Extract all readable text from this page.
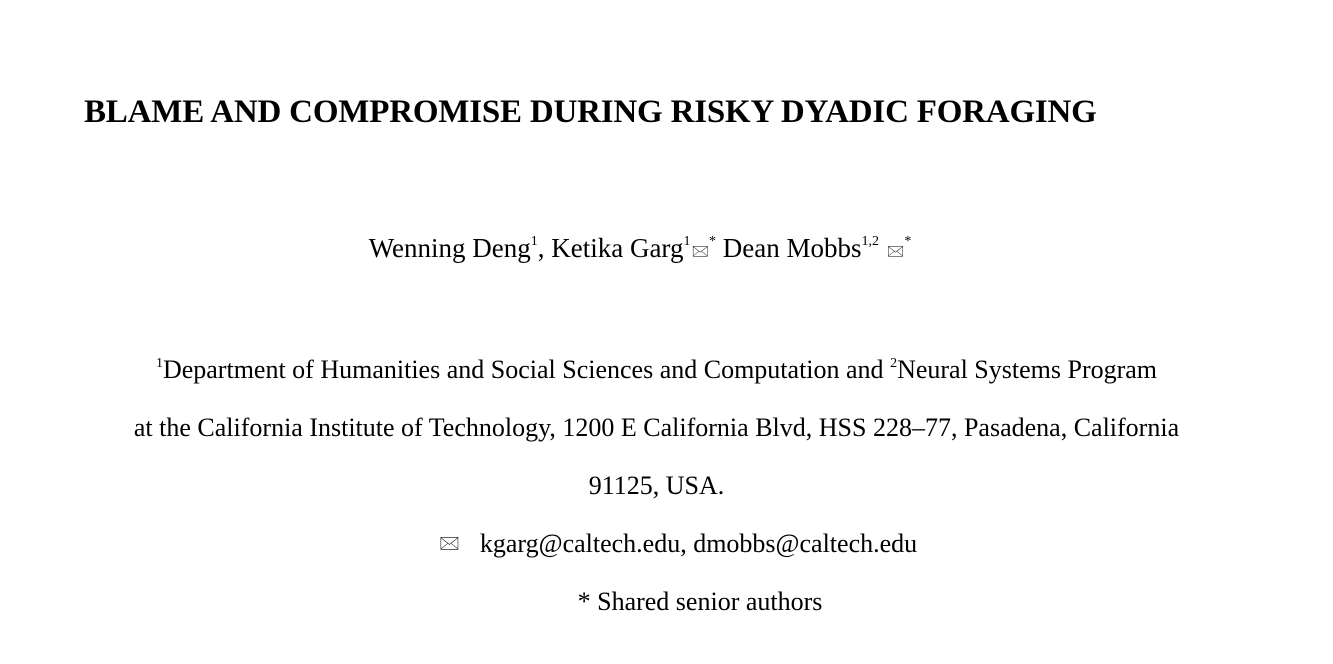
BLAME AND COMPROMISE DURING RISKY DYADIC FORAGING
Wenning Deng$^1$, Ketika Garg$^1$🖂* Dean Mobbs$^{1,2}$ 🖂*
$^1$Department of Humanities and Social Sciences and Computation and $^2$Neural Systems Program
at the California Institute of Technology, 1200 E California Blvd, HSS 228–77, Pasadena, California
91125, USA.
🖂 kgarg@caltech.edu, dmobbs@caltech.edu
* Shared senior authors
